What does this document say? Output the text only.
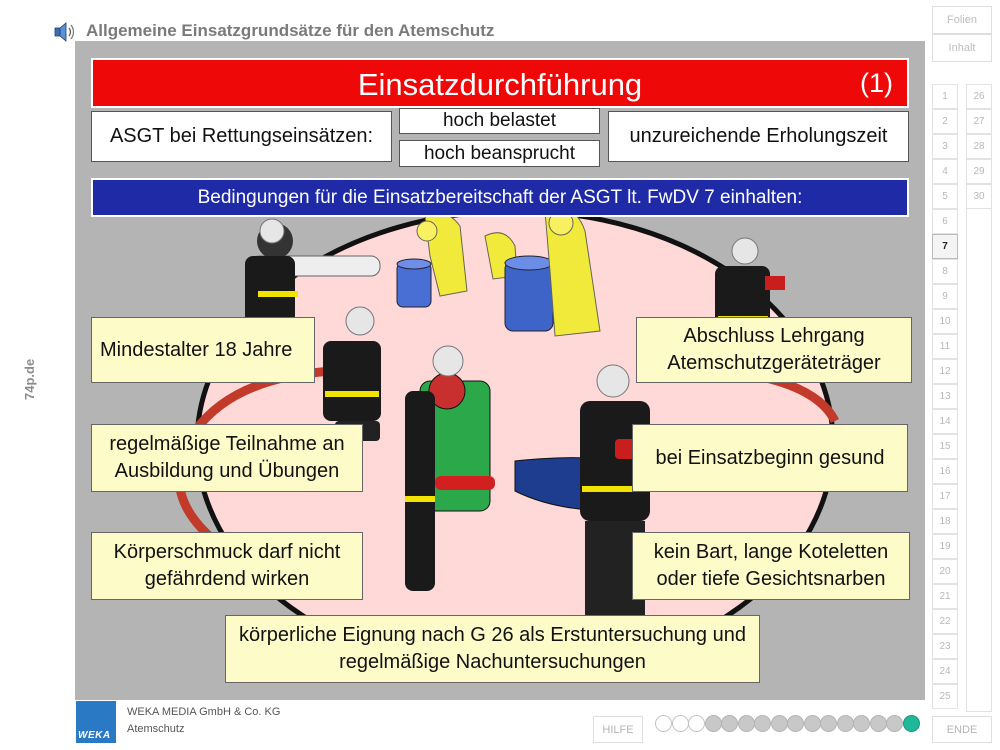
Allgemeine Einsatzgrundsätze für den Atemschutz
74p.de
Einsatzdurchführung	(1)
ASGT bei Rettungseinsätzen:
hoch belastet
hoch beansprucht
unzureichende Erholungszeit
Bedingungen für die Einsatzbereitschaft der ASGT lt. FwDV 7 einhalten:
Mindestalter 18 Jahre
Abschluss Lehrgang Atemschutzgeräteträger
regelmäßige Teilnahme an Ausbildung und Übungen
bei Einsatzbeginn gesund
Körperschmuck darf nicht gefährdend wirken
kein Bart, lange Koteletten oder tiefe Gesichtsnarben
körperliche Eignung nach G 26 als Erstuntersuchung und regelmäßige Nachuntersuchungen
Folien
Inhalt
WEKA
WEKA MEDIA GmbH & Co. KG
Atemschutz	HILFE	ENDE
1
2
3
4
5
6
7
8
9
10
11
12
13
14
15
16
17
18
19
20
21
22
23
24
25
26
27
28
29
30
